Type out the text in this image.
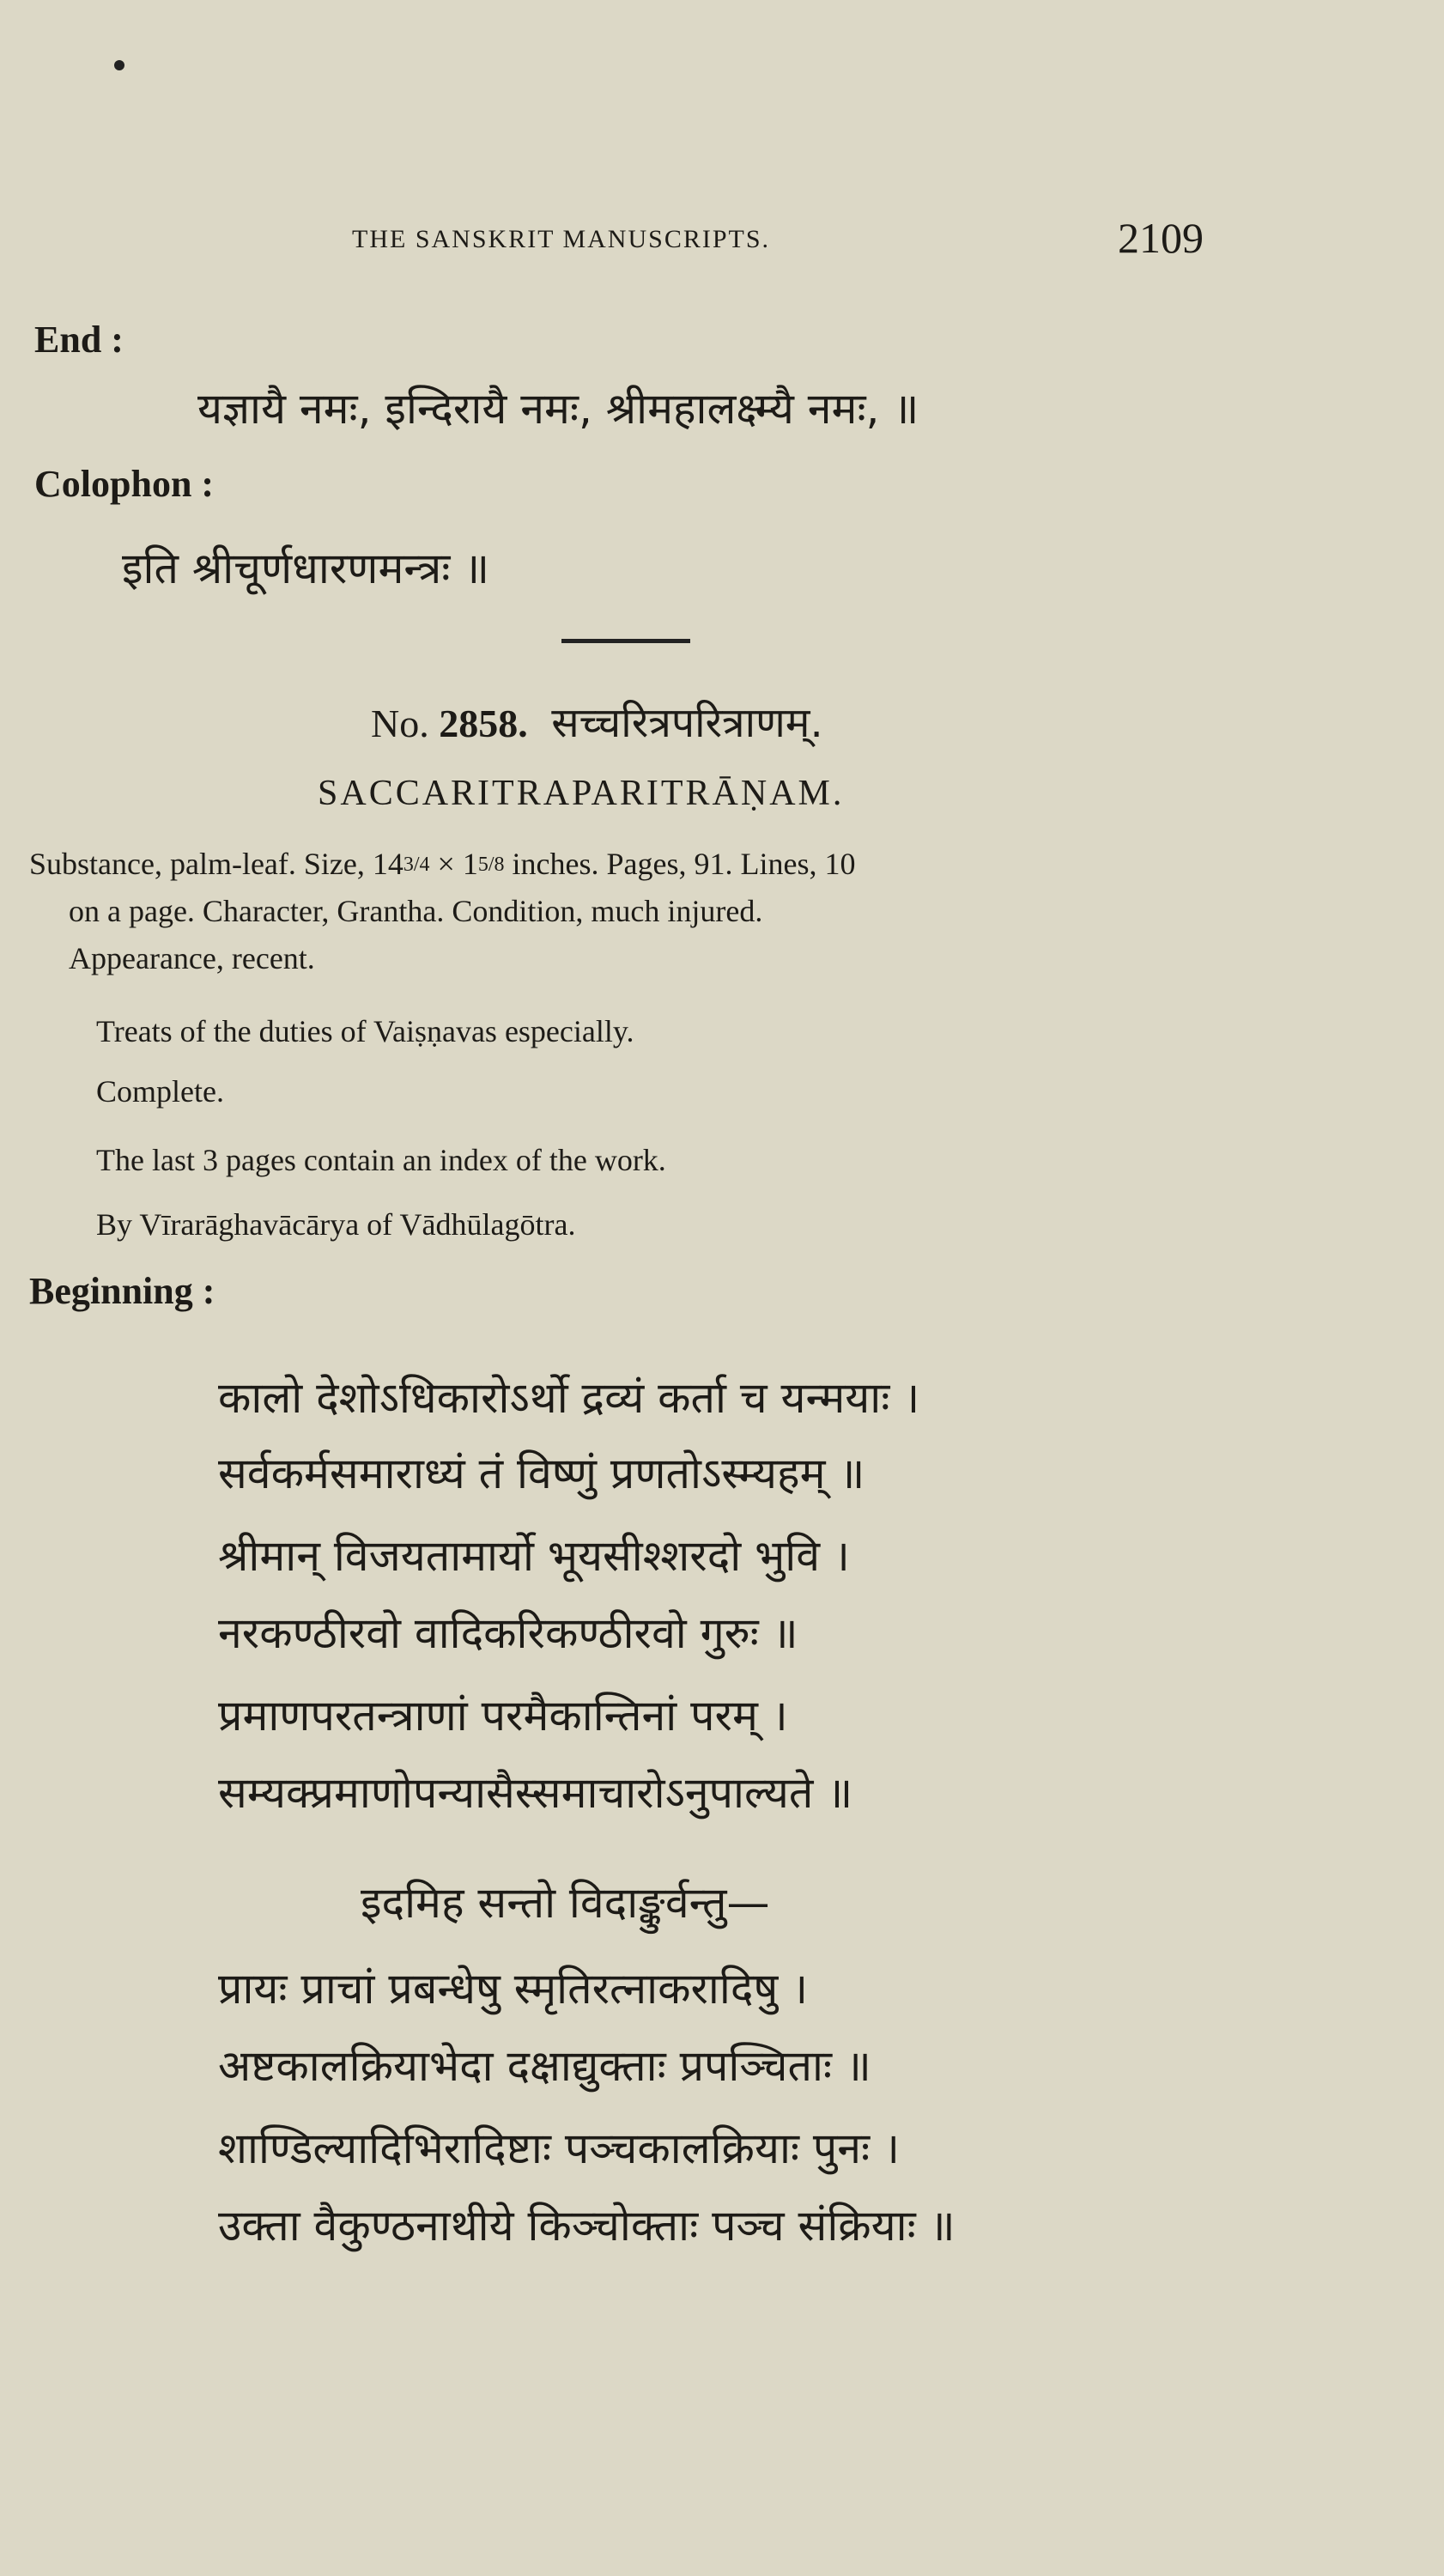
THE SANSKRIT MANUSCRIPTS.	2109
End :
यज्ञायै नमः, इन्दिरायै नमः, श्रीमहालक्ष्म्यै नमः, ॥
Colophon :
इति श्रीचूर्णधारणमन्त्रः ॥
No. 2858. सच्चरित्रपरित्राणम्.
SACCARITRAPARITRĀṆAM.
Substance, palm-leaf. Size, $14^{3/4} \times 1^{5/8}$ inches. Pages, 91. Lines, 10
on a page. Character, Grantha. Condition, much injured.
Appearance, recent.
Treats of the duties of Vaiṣṇavas especially.
Complete.
The last 3 pages contain an index of the work.
By Vīrarāghavācārya of Vādhūlagōtra.
Beginning :
कालो देशोऽधिकारोऽर्थो द्रव्यं कर्ता च यन्मयाः ।
सर्वकर्मसमाराध्यं तं विष्णुं प्रणतोऽस्म्यहम् ॥
श्रीमान् विजयतामार्यो भूयसीश्शरदो भुवि ।
नरकण्ठीरवो वादिकरिकण्ठीरवो गुरुः ॥
प्रमाणपरतन्त्राणां परमैकान्तिनां परम् ।
सम्यक्प्रमाणोपन्यासैस्समाचारोऽनुपाल्यते ॥
इदमिह सन्तो विदाङ्कुर्वन्तु—
प्रायः प्राचां प्रबन्धेषु स्मृतिरत्नाकरादिषु ।
अष्टकालक्रियाभेदा दक्षाद्युक्ताः प्रपञ्चिताः ॥
शाण्डिल्यादिभिरादिष्टाः पञ्चकालक्रियाः पुनः ।
उक्ता वैकुण्ठनाथीये किञ्चोक्ताः पञ्च संक्रियाः ॥
